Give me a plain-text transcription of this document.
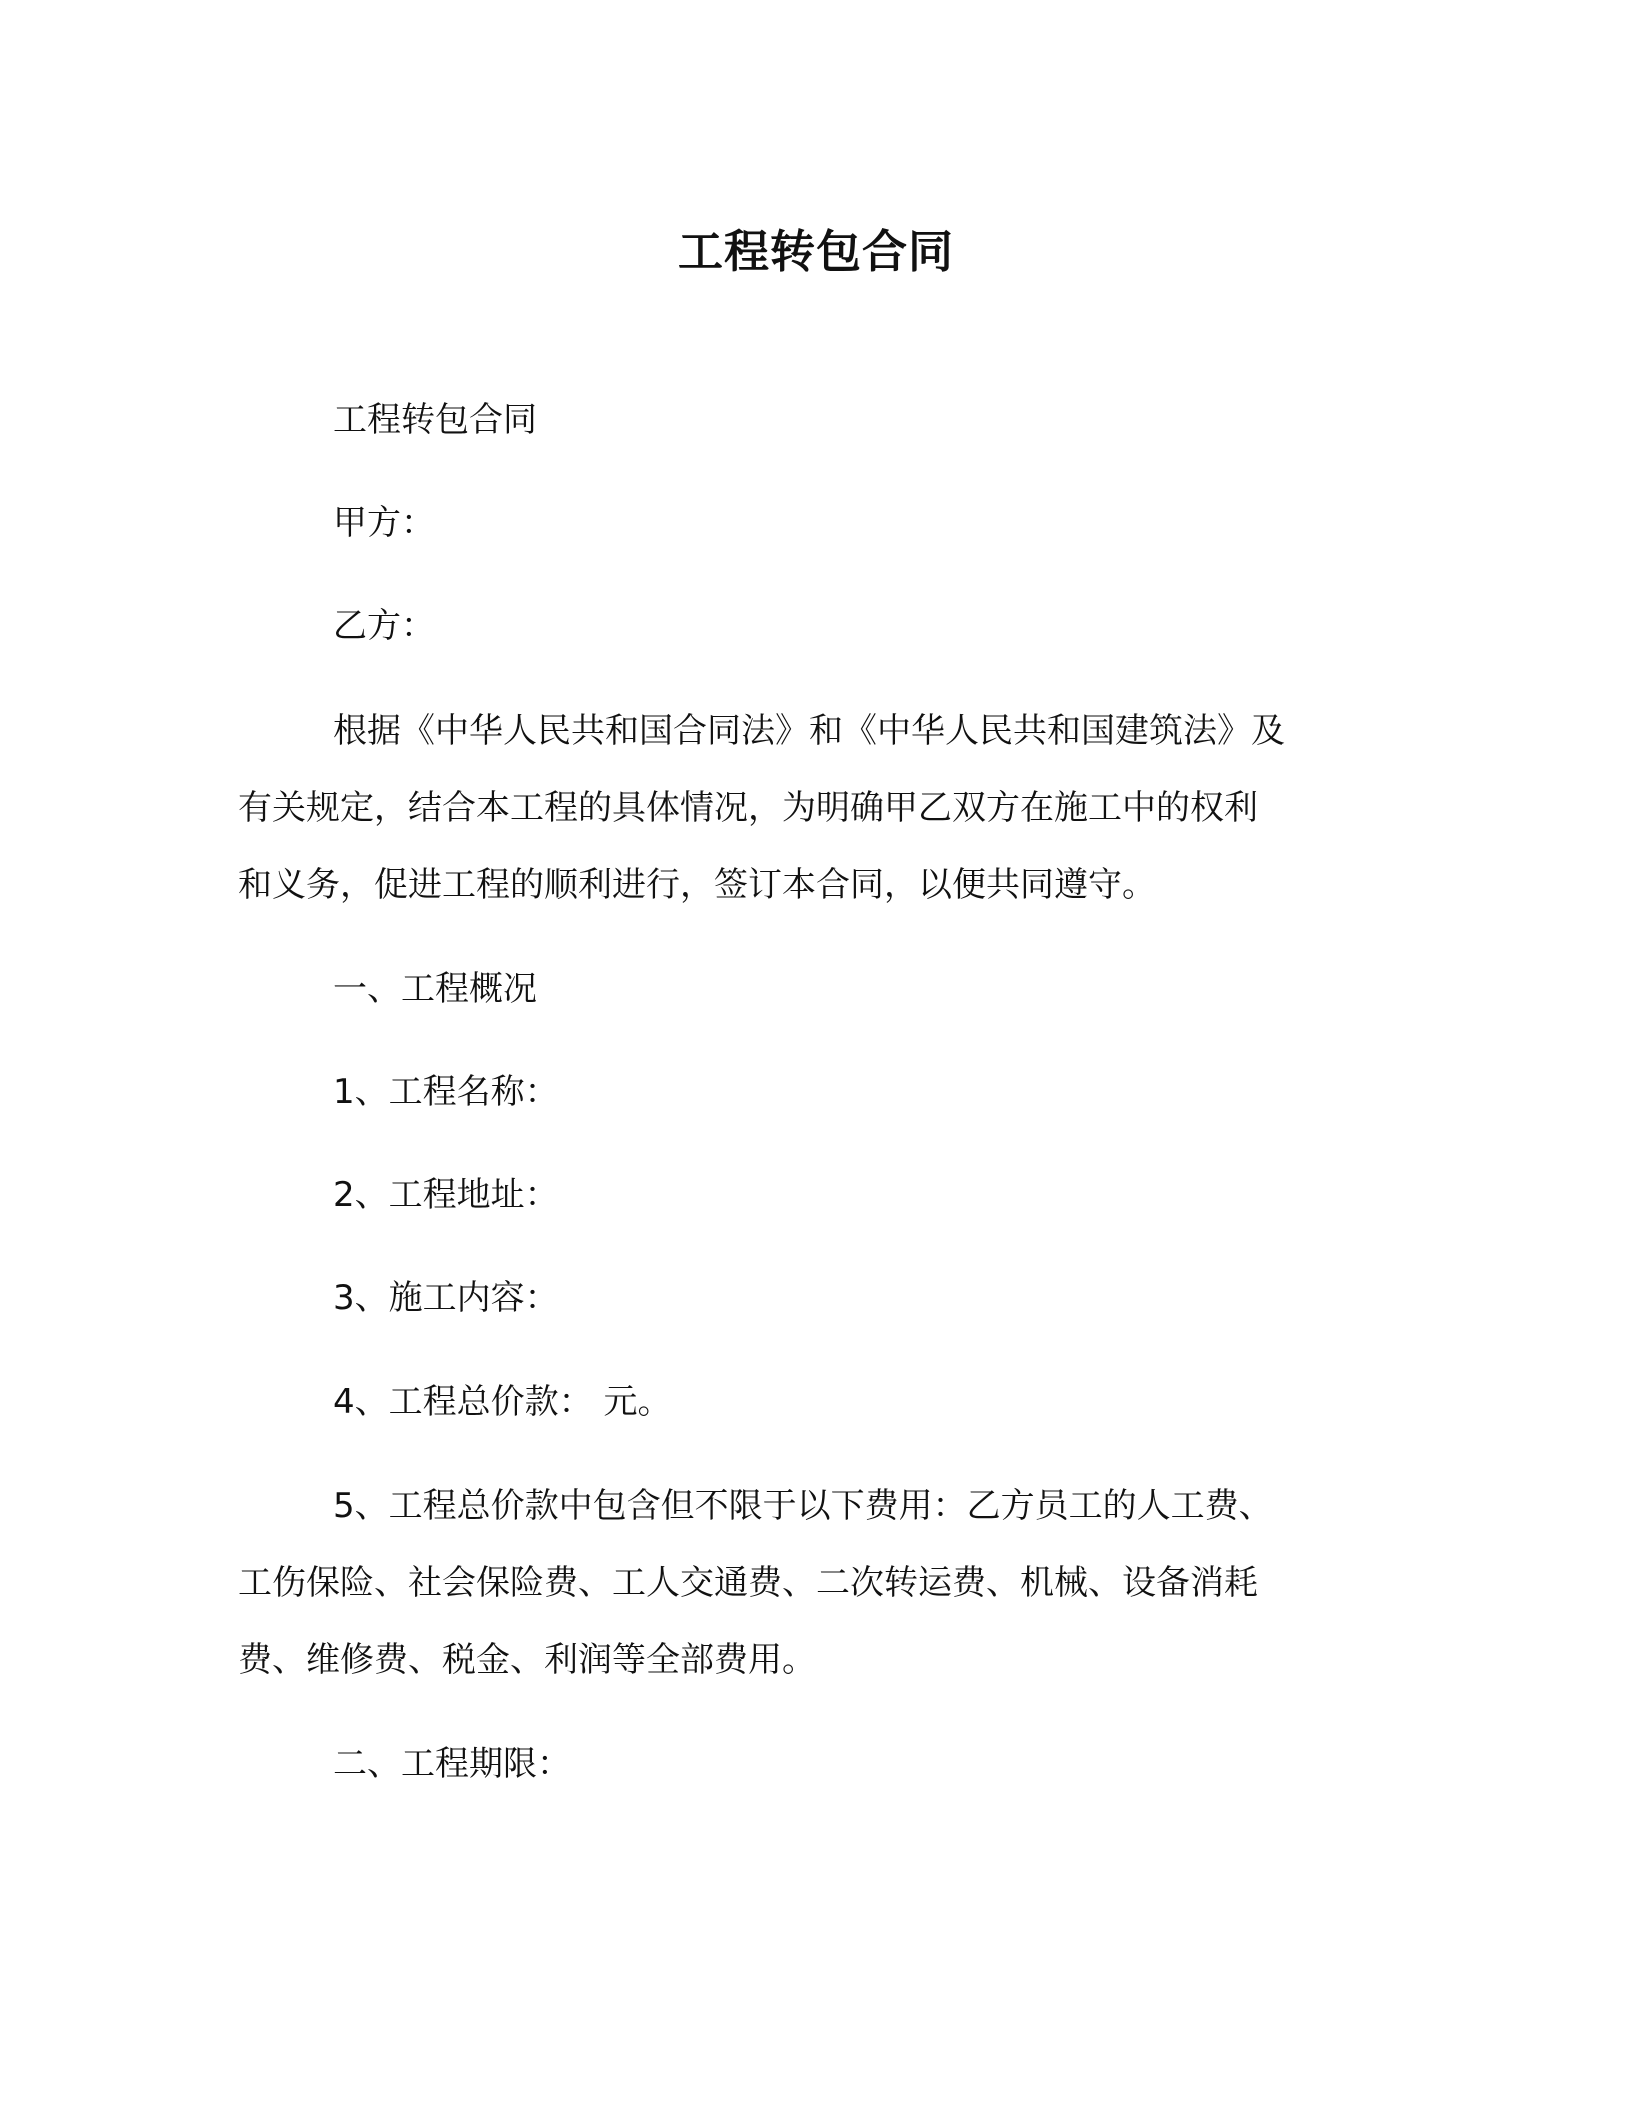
工程转包合同
工程转包合同
甲方：
乙方：
根据《中华人民共和国合同法》和《中华人民共和国建筑法》及
有关规定，结合本工程的具体情况，为明确甲乙双方在施工中的权利
和义务，促进工程的顺利进行，签订本合同，以便共同遵守。
一、工程概况
1、工程名称：
2、工程地址：
3、施工内容：
4、工程总价款： 元。
5、工程总价款中包含但不限于以下费用：乙方员工的人工费、
工伤保险、社会保险费、工人交通费、二次转运费、机械、设备消耗
费、维修费、税金、利润等全部费用。
二、工程期限：
